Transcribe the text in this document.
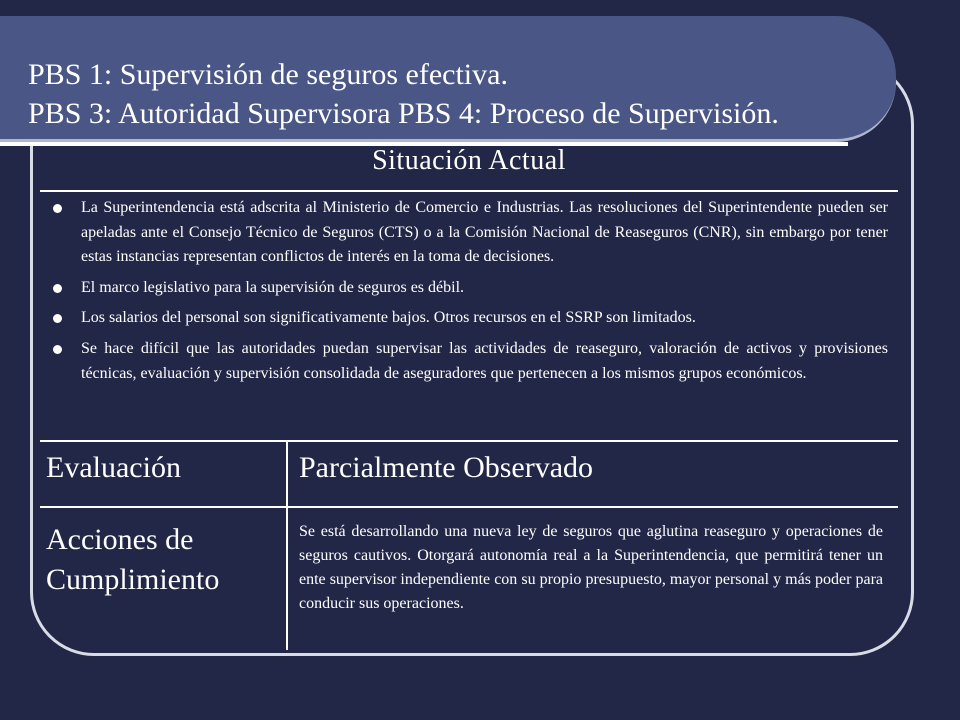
PBS 1: Supervisión de seguros efectiva.
PBS 3: Autoridad Supervisora PBS 4: Proceso de Supervisión.
Situación Actual
La Superintendencia está adscrita al Ministerio de Comercio e Industrias. Las resoluciones del Superintendente pueden ser apeladas ante el Consejo Técnico de Seguros (CTS) o a la Comisión Nacional de Reaseguros (CNR), sin embargo por tener estas instancias representan conflictos de interés en la toma de decisiones.
El marco legislativo para la supervisión de seguros es débil.
Los salarios del personal son significativamente bajos. Otros recursos en el SSRP son limitados.
Se hace difícil que las autoridades puedan supervisar las actividades de reaseguro, valoración de activos y provisiones técnicas, evaluación y supervisión consolidada de aseguradores que pertenecen a los mismos grupos económicos.
Evaluación	Parcialmente Observado
Acciones de Cumplimiento
Se está desarrollando una nueva ley de seguros que aglutina reaseguro y operaciones de seguros cautivos. Otorgará autonomía real a la Superintendencia, que permitirá tener un ente supervisor independiente con su propio presupuesto, mayor personal y más poder para conducir sus operaciones.
